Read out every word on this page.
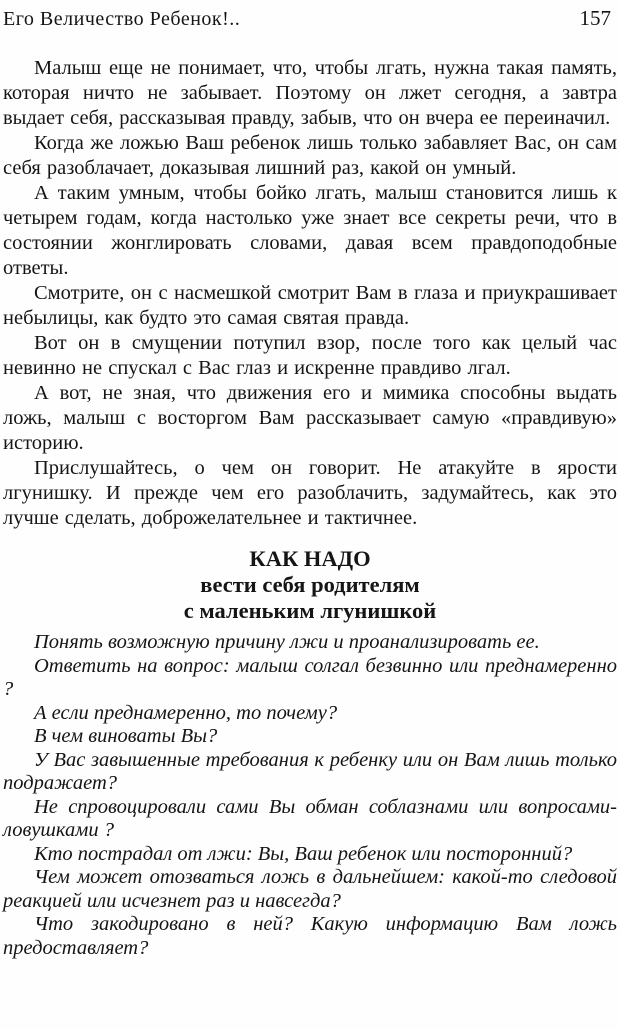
Его Величество Ребенок!..	157

Малыш еще не понимает, что, чтобы лгать, нужна такая память, которая ничто не забывает. Поэтому он лжет сегодня, а завтра выдает себя, рассказывая правду, забыв, что он вчера ее переиначил.

Когда же ложью Ваш ребенок лишь только забавляет Вас, он сам себя разоблачает, доказывая лишний раз, какой он умный.

А таким умным, чтобы бойко лгать, малыш становится лишь к четырем годам, когда настолько уже знает все секреты речи, что в состоянии жонглировать словами, давая всем правдоподобные ответы.

Смотрите, он с насмешкой смотрит Вам в глаза и приукрашивает небылицы, как будто это самая святая правда.

Вот он в смущении потупил взор, после того как целый час невинно не спускал с Вас глаз и искренне правдиво лгал.

А вот, не зная, что движения его и мимика способны выдать ложь, малыш с восторгом Вам рассказывает самую «правдивую» историю.

Прислушайтесь, о чем он говорит. Не атакуйте в ярости лгунишку. И прежде чем его разоблачить, задумайтесь, как это лучше сделать, доброжелательнее и тактичнее.

КАК НАДО
вести себя родителям
с маленьким лгунишкой

Понять возможную причину лжи и проанализировать ее.

Ответить на вопрос: малыш солгал безвинно или преднамеренно ?

А если преднамеренно, то почему?

В чем виноваты Вы?

У Вас завышенные требования к ребенку или он Вам лишь только подражает?

Не спровоцировали сами Вы обман соблазнами или вопросами-ловушками ?

Кто пострадал от лжи: Вы, Ваш ребенок или посторонний?

Чем может отозваться ложь в дальнейшем: какой-то следовой реакцией или исчезнет раз и навсегда?

Что закодировано в ней? Какую информацию Вам ложь предоставляет?
